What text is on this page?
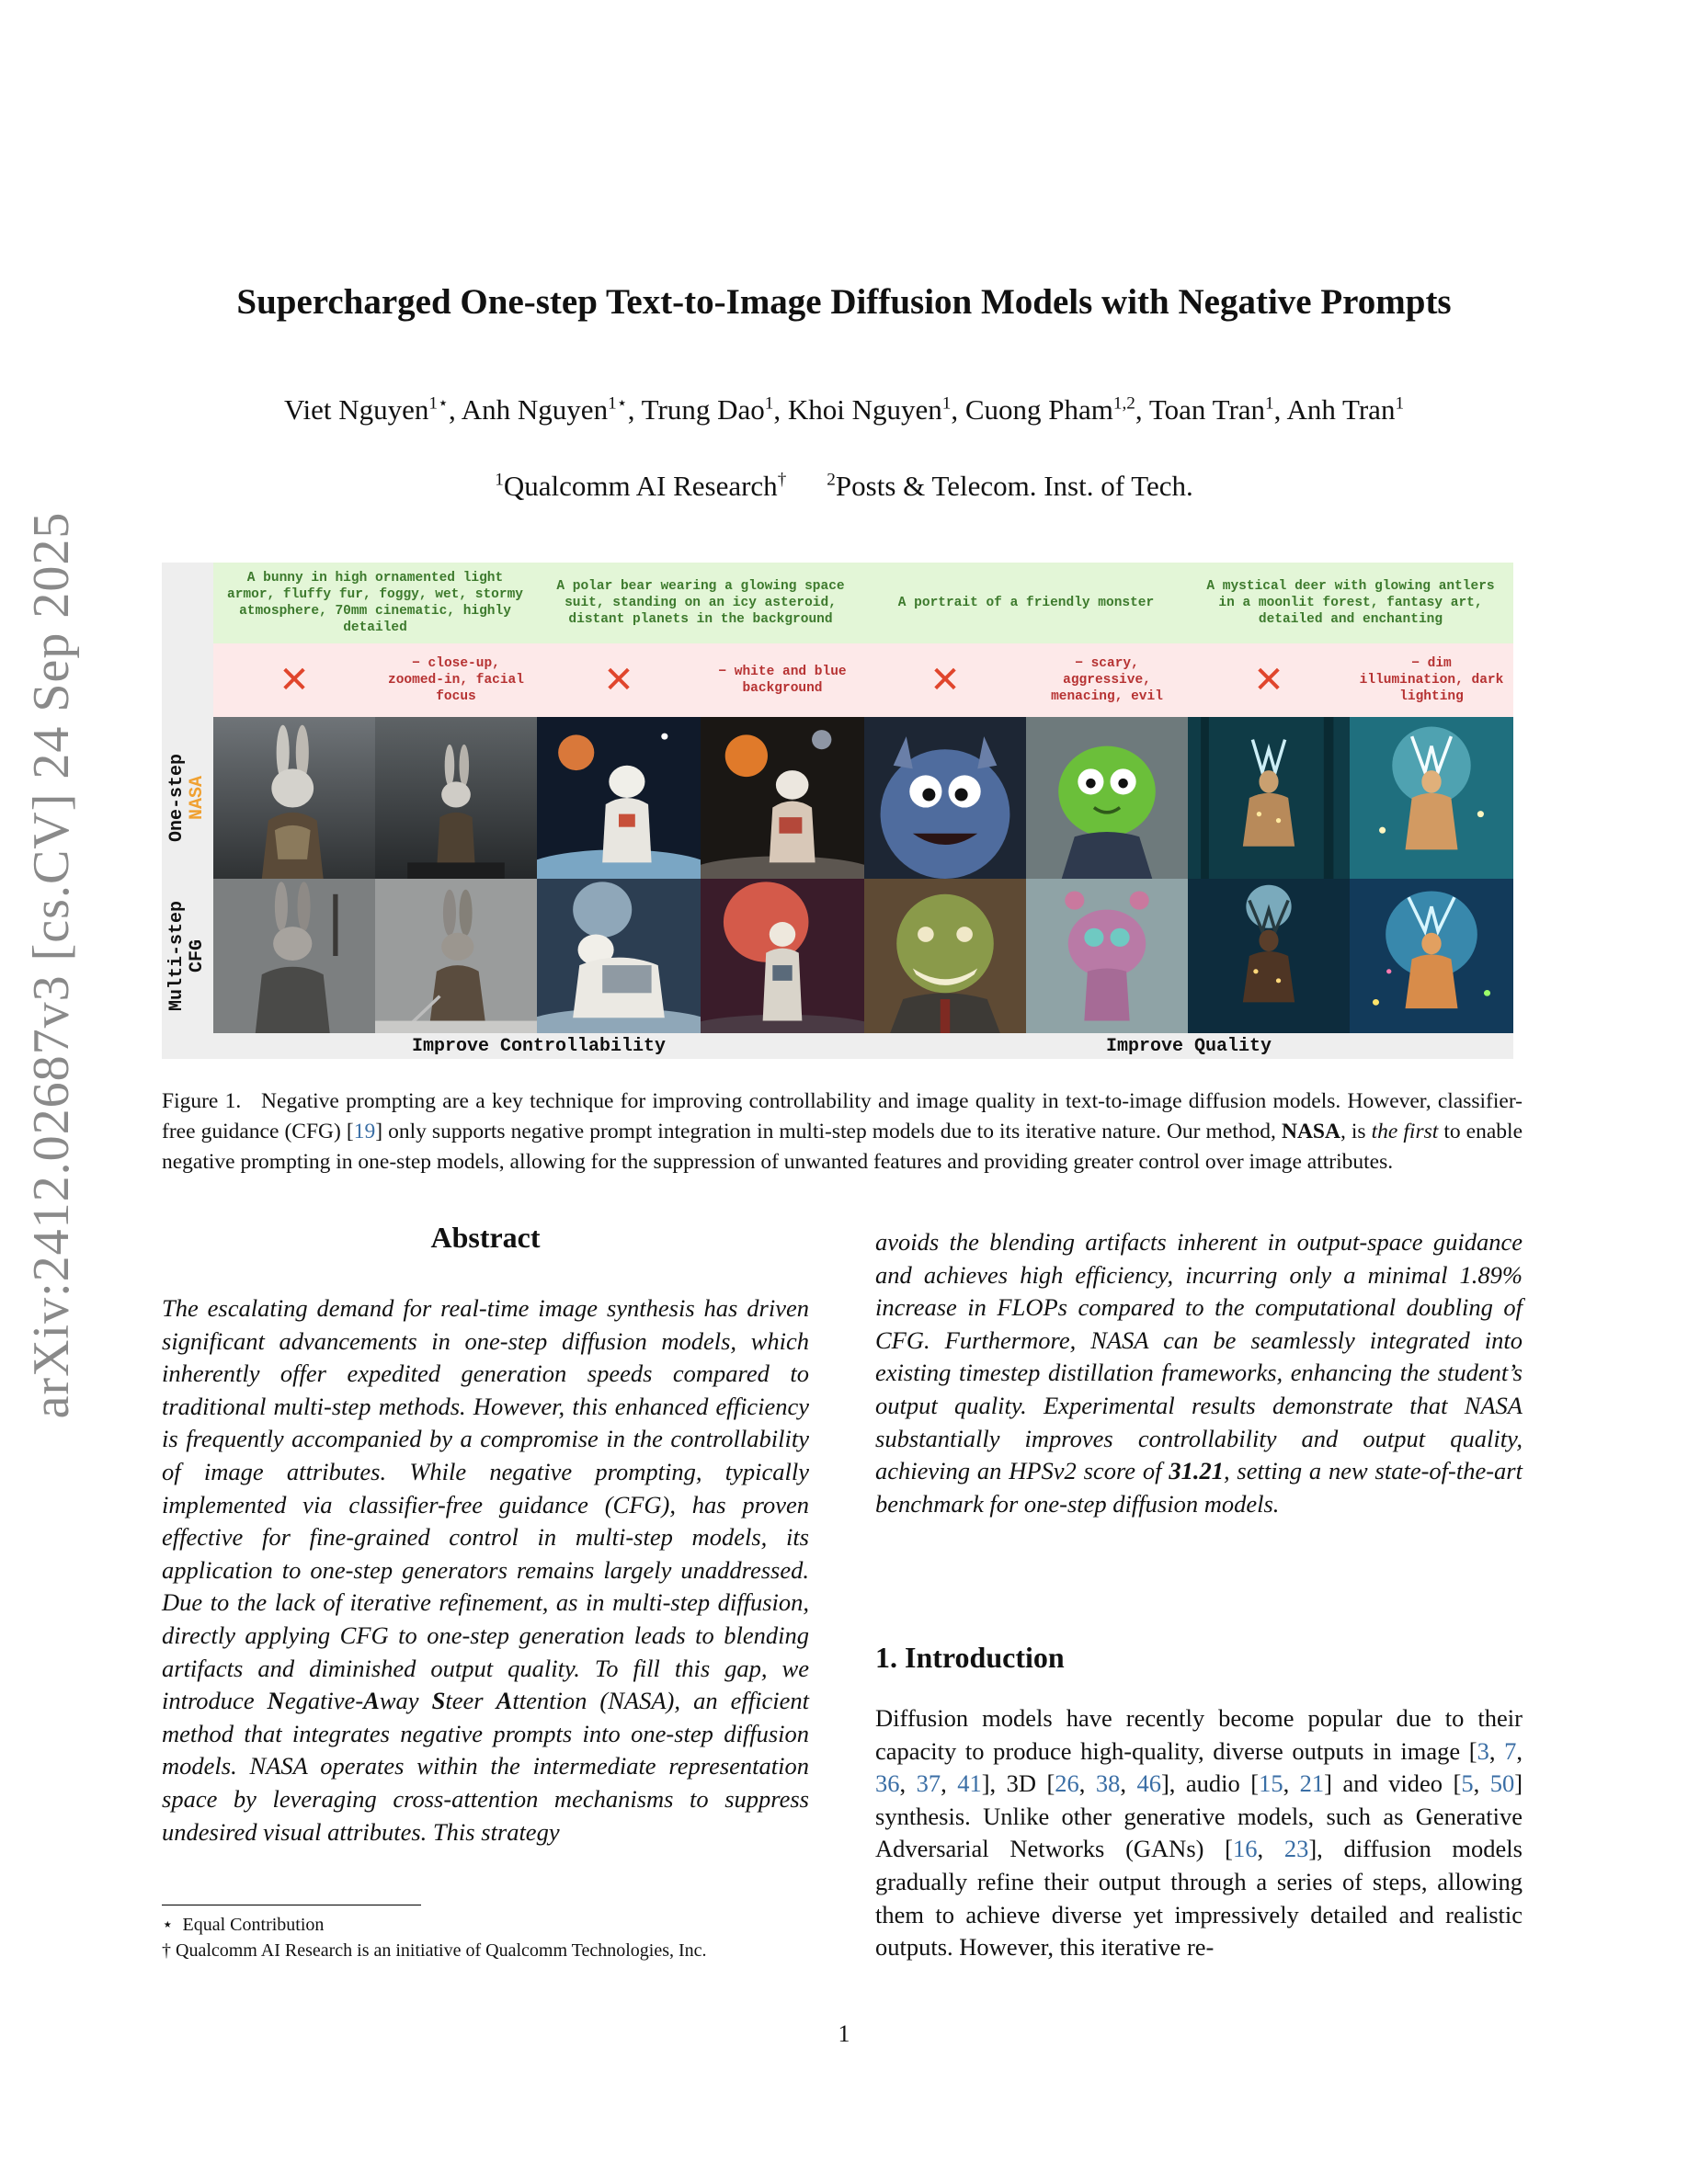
arXiv:2412.02687v3 [cs.CV] 24 Sep 2025
Supercharged One-step Text-to-Image Diffusion Models with Negative Prompts
Viet Nguyen$^{1⋆}$, Anh Nguyen$^{1⋆}$, Trung Dao$^1$, Khoi Nguyen$^1$, Cuong Pham$^{1,2}$, Toan Tran$^1$, Anh Tran$^1$
$^1$Qualcomm AI Research† $^2$Posts & Telecom. Inst. of Tech.
A bunny in high ornamented light armor, fluffy fur, foggy, wet, stormy atmosphere, 70mm cinematic, highly detailed
A polar bear wearing a glowing space suit, standing on an icy asteroid, distant planets in the background
A portrait of a friendly monster
A mystical deer with glowing antlers in a moonlit forest, fantasy art, detailed and enchanting
✕	− close-up, zoomed-in, facial focus	✕	− white and blue background	✕	− scary, aggressive, menacing, evil	✕	− dim illumination, dark lighting
One-step
NASA
Multi-step
CFG
Improve Controllability	Improve Quality
Figure 1. Negative prompting are a key technique for improving controllability and image quality in text-to-image diffusion models. However, classifier-free guidance (CFG) [19] only supports negative prompt integration in multi-step models due to its iterative nature. Our method, NASA, is the first to enable negative prompting in one-step models, allowing for the suppression of unwanted features and providing greater control over image attributes.
Abstract
The escalating demand for real-time image synthesis has driven significant advancements in one-step diffusion models, which inherently offer expedited generation speeds compared to traditional multi-step methods. However, this enhanced efficiency is frequently accompanied by a compromise in the controllability of image attributes. While negative prompting, typically implemented via classifier-free guidance (CFG), has proven effective for fine-grained control in multi-step models, its application to one-step generators remains largely unaddressed. Due to the lack of iterative refinement, as in multi-step diffusion, directly applying CFG to one-step generation leads to blending artifacts and diminished output quality. To fill this gap, we introduce Negative-Away Steer Attention (NASA), an efficient method that integrates negative prompts into one-step diffusion models. NASA operates within the intermediate representation space by leveraging cross-attention mechanisms to suppress undesired visual attributes. This strategy
avoids the blending artifacts inherent in output-space guidance and achieves high efficiency, incurring only a minimal 1.89% increase in FLOPs compared to the computational doubling of CFG. Furthermore, NASA can be seamlessly integrated into existing timestep distillation frameworks, enhancing the student’s output quality. Experimental results demonstrate that NASA substantially improves controllability and output quality, achieving an HPSv2 score of 31.21, setting a new state-of-the-art benchmark for one-step diffusion models.
1. Introduction
Diffusion models have recently become popular due to their capacity to produce high-quality, diverse outputs in image [3, 7, 36, 37, 41], 3D [26, 38, 46], audio [15, 21] and video [5, 50] synthesis. Unlike other generative models, such as Generative Adversarial Networks (GANs) [16, 23], diffusion models gradually refine their output through a series of steps, allowing them to achieve diverse yet impressively detailed and realistic outputs. However, this iterative re-
⋆ Equal Contribution
† Qualcomm AI Research is an initiative of Qualcomm Technologies, Inc.
1
